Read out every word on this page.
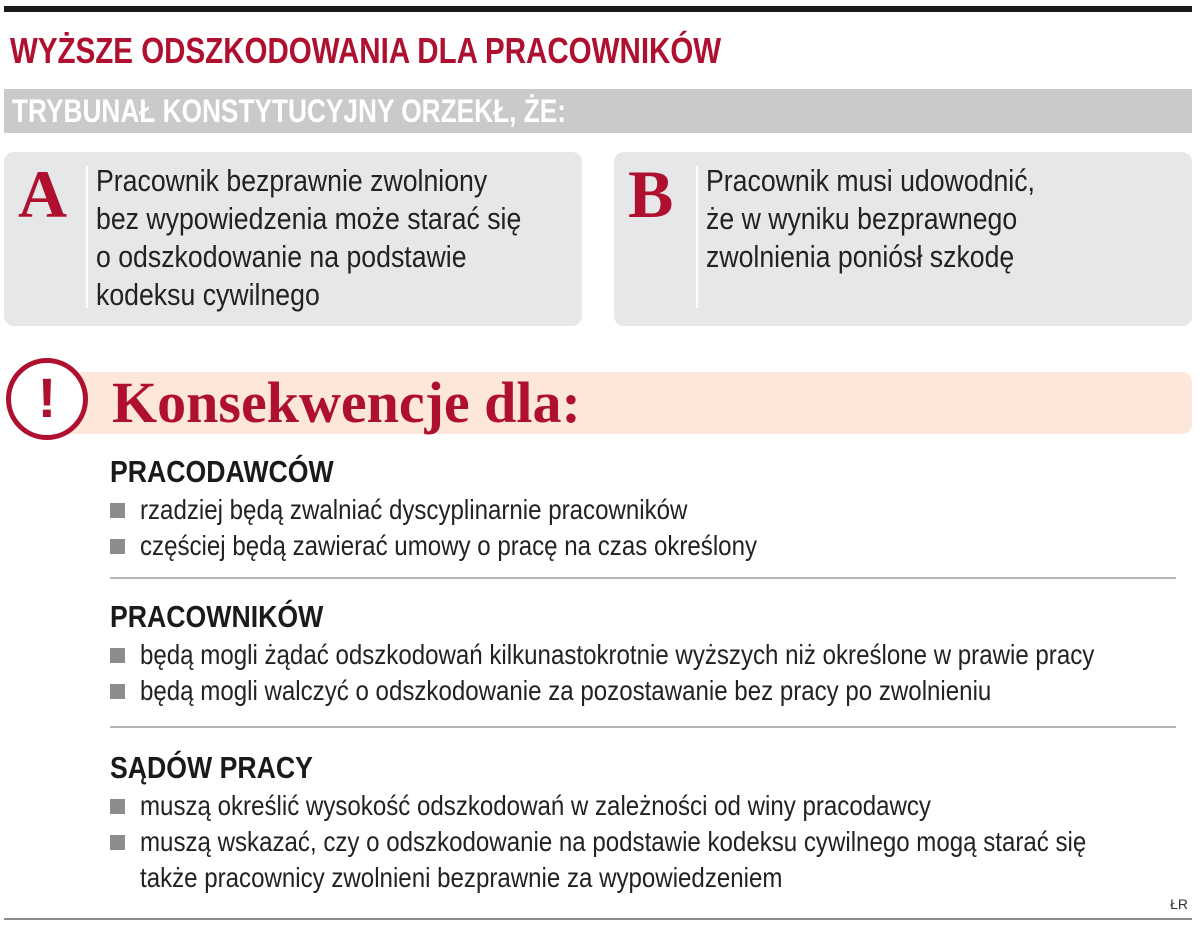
WYŻSZE ODSZKODOWANIA DLA PRACOWNIKÓW
TRYBUNAŁ KONSTYTUCYJNY ORZEKŁ, ŻE:
A Pracownik bezprawnie zwolniony
bez wypowiedzenia może starać się
o odszkodowanie na podstawie
kodeksu cywilnego
B Pracownik musi udowodnić,
że w wyniku bezprawnego
zwolnienia poniósł szkodę
! Konsekwencje dla:
PRACODAWCÓW
rzadziej będą zwalniać dyscyplinarnie pracowników
częściej będą zawierać umowy o pracę na czas określony
PRACOWNIKÓW
będą mogli żądać odszkodowań kilkunastokrotnie wyższych niż określone w prawie pracy
będą mogli walczyć o odszkodowanie za pozostawanie bez pracy po zwolnieniu
SĄDÓW PRACY
muszą określić wysokość odszkodowań w zależności od winy pracodawcy
muszą wskazać, czy o odszkodowanie na podstawie kodeksu cywilnego mogą starać się
także pracownicy zwolnieni bezprawnie za wypowiedzeniem
ŁR
